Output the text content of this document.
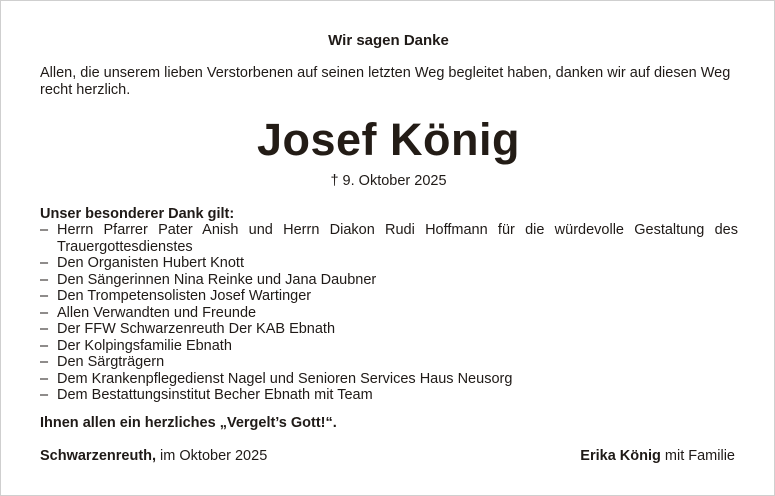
Wir sagen Danke
Allen, die unserem lieben Verstorbenen auf seinen letzten Weg begleitet haben, danken wir auf diesen Weg recht herzlich.
Josef König
† 9. Oktober 2025
Unser besonderer Dank gilt:
– Herrn Pfarrer Pater Anish und Herrn Diakon Rudi Hoffmann für die würdevolle Gestaltung des Trauergottesdienstes
– Den Organisten Hubert Knott
– Den Sängerinnen Nina Reinke und Jana Daubner
– Den Trompetensolisten Josef Wartinger
– Allen Verwandten und Freunde
– Der FFW Schwarzenreuth Der KAB Ebnath
– Der Kolpingsfamilie Ebnath
– Den Särgträgern
– Dem Krankenpflegedienst Nagel und Senioren Services Haus Neusorg
– Dem Bestattungsinstitut Becher Ebnath mit Team
Ihnen allen ein herzliches „Vergelt’s Gott!“.
Schwarzenreuth, im Oktober 2025	Erika König mit Familie
